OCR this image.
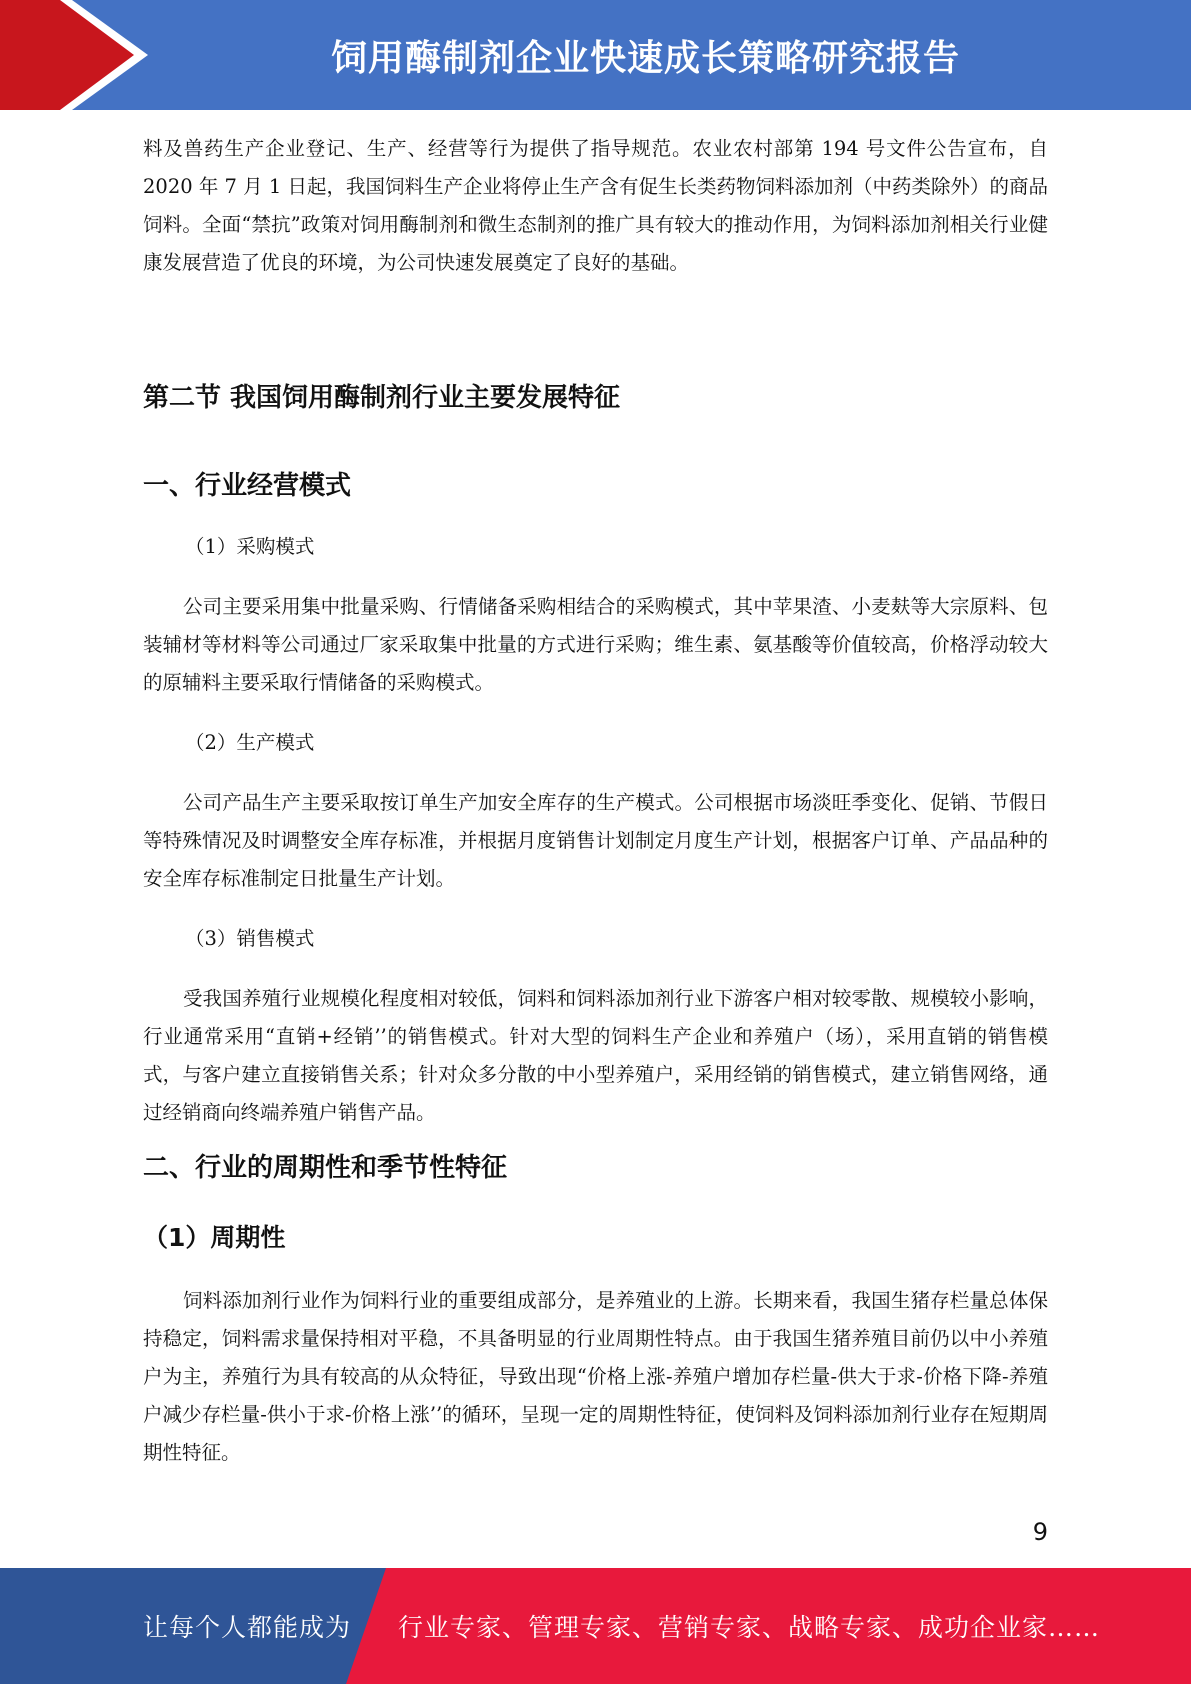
饲用酶制剂企业快速成长策略研究报告

料及兽药生产企业登记、生产、经营等行为提供了指导规范。农业农村部第 194 号文件公告宣布，自 2020 年 7 月 1 日起，我国饲料生产企业将停止生产含有促生长类药物饲料添加剂（中药类除外）的商品饲料。全面“禁抗”政策对饲用酶制剂和微生态制剂的推广具有较大的推动作用，为饲料添加剂相关行业健康发展营造了优良的环境，为公司快速发展奠定了良好的基础。

第二节 我国饲用酶制剂行业主要发展特征
一、行业经营模式

（1）采购模式

公司主要采用集中批量采购、行情储备采购相结合的采购模式，其中苹果渣、小麦麸等大宗原料、包装辅材等材料等公司通过厂家采取集中批量的方式进行采购；维生素、氨基酸等价值较高，价格浮动较大的原辅料主要采取行情储备的采购模式。

（2）生产模式

公司产品生产主要采取按订单生产加安全库存的生产模式。公司根据市场淡旺季变化、促销、节假日等特殊情况及时调整安全库存标准，并根据月度销售计划制定月度生产计划，根据客户订单、产品品种的安全库存标准制定日批量生产计划。

（3）销售模式

受我国养殖行业规模化程度相对较低，饲料和饲料添加剂行业下游客户相对较零散、规模较小影响，行业通常采用“直销+经销’’的销售模式。针对大型的饲料生产企业和养殖户（场），采用直销的销售模式，与客户建立直接销售关系；针对众多分散的中小型养殖户，采用经销的销售模式，建立销售网络，通过经销商向终端养殖户销售产品。

二、行业的周期性和季节性特征
（1）周期性

饲料添加剂行业作为饲料行业的重要组成部分，是养殖业的上游。长期来看，我国生猪存栏量总体保持稳定，饲料需求量保持相对平稳，不具备明显的行业周期性特点。由于我国生猪养殖目前仍以中小养殖户为主，养殖行为具有较高的从众特征，导致出现“价格上涨-养殖户增加存栏量-供大于求-价格下降-养殖户减少存栏量-供小于求-价格上涨’’的循环，呈现一定的周期性特征，使饲料及饲料添加剂行业存在短期周期性特征。

9
让每个人都能成为 行业专家、管理专家、营销专家、战略专家、成功企业家……
